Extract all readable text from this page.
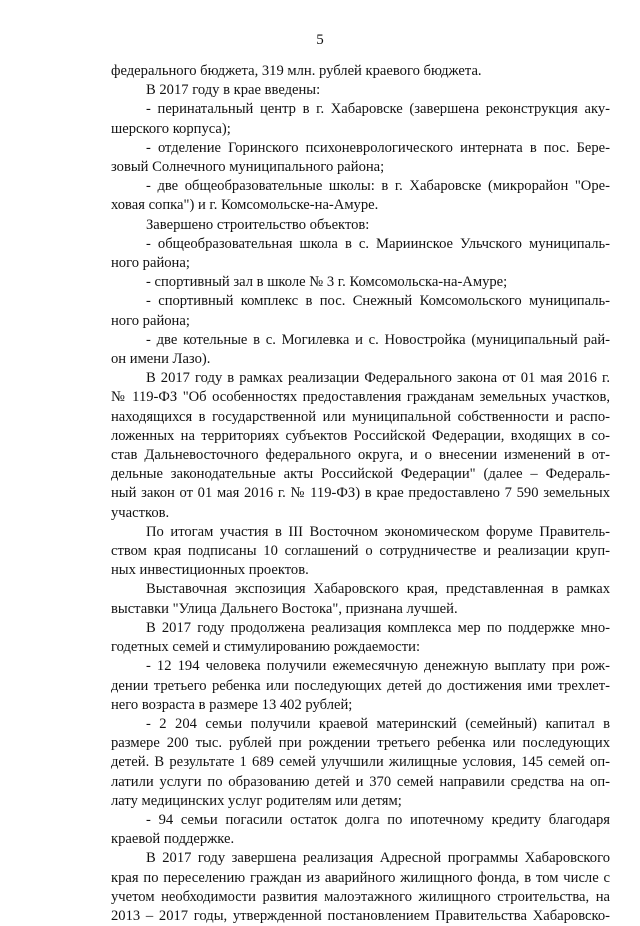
5
федерального бюджета, 319 млн. рублей краевого бюджета.
В 2017 году в крае введены:
- перинатальный центр в г. Хабаровске (завершена реконструкция аку-
шерского корпуса);
- отделение Горинского психоневрологического интерната в пос. Бере-
зовый Солнечного муниципального района;
- две общеобразовательные школы: в г. Хабаровске (микрорайон "Оре-
ховая сопка") и г. Комсомольске-на-Амуре.
Завершено строительство объектов:
- общеобразовательная школа в с. Мариинское Ульчского муниципаль-
ного района;
- спортивный зал в школе № 3 г. Комсомольска-на-Амуре;
- спортивный комплекс в пос. Снежный Комсомольского муниципаль-
ного района;
- две котельные в с. Могилевка и с. Новостройка (муниципальный рай-
он имени Лазо).
В 2017 году в рамках реализации Федерального закона от 01 мая 2016 г.
№ 119-ФЗ "Об особенностях предоставления гражданам земельных участков,
находящихся в государственной или муниципальной собственности и распо-
ложенных на территориях субъектов Российской Федерации, входящих в со-
став Дальневосточного федерального округа, и о внесении изменений в от-
дельные законодательные акты Российской Федерации" (далее – Федераль-
ный закон от 01 мая 2016 г. № 119-ФЗ) в крае предоставлено 7 590 земельных
участков.
По итогам участия в III Восточном экономическом форуме Правитель-
ством края подписаны 10 соглашений о сотрудничестве и реализации круп-
ных инвестиционных проектов.
Выставочная экспозиция Хабаровского края, представленная в рамках
выставки "Улица Дальнего Востока", признана лучшей.
В 2017 году продолжена реализация комплекса мер по поддержке мно-
годетных семей и стимулированию рождаемости:
- 12 194 человека получили ежемесячную денежную выплату при рож-
дении третьего ребенка или последующих детей до достижения ими трехлет-
него возраста в размере 13 402 рублей;
- 2 204 семьи получили краевой материнский (семейный) капитал в
размере 200 тыс. рублей при рождении третьего ребенка или последующих
детей. В результате 1 689 семей улучшили жилищные условия, 145 семей оп-
латили услуги по образованию детей и 370 семей направили средства на оп-
лату медицинских услуг родителям или детям;
- 94 семьи погасили остаток долга по ипотечному кредиту благодаря
краевой поддержке.
В 2017 году завершена реализация Адресной программы Хабаровского
края по переселению граждан из аварийного жилищного фонда, в том числе с
учетом необходимости развития малоэтажного жилищного строительства, на
2013 – 2017 годы, утвержденной постановлением Правительства Хабаровско-
